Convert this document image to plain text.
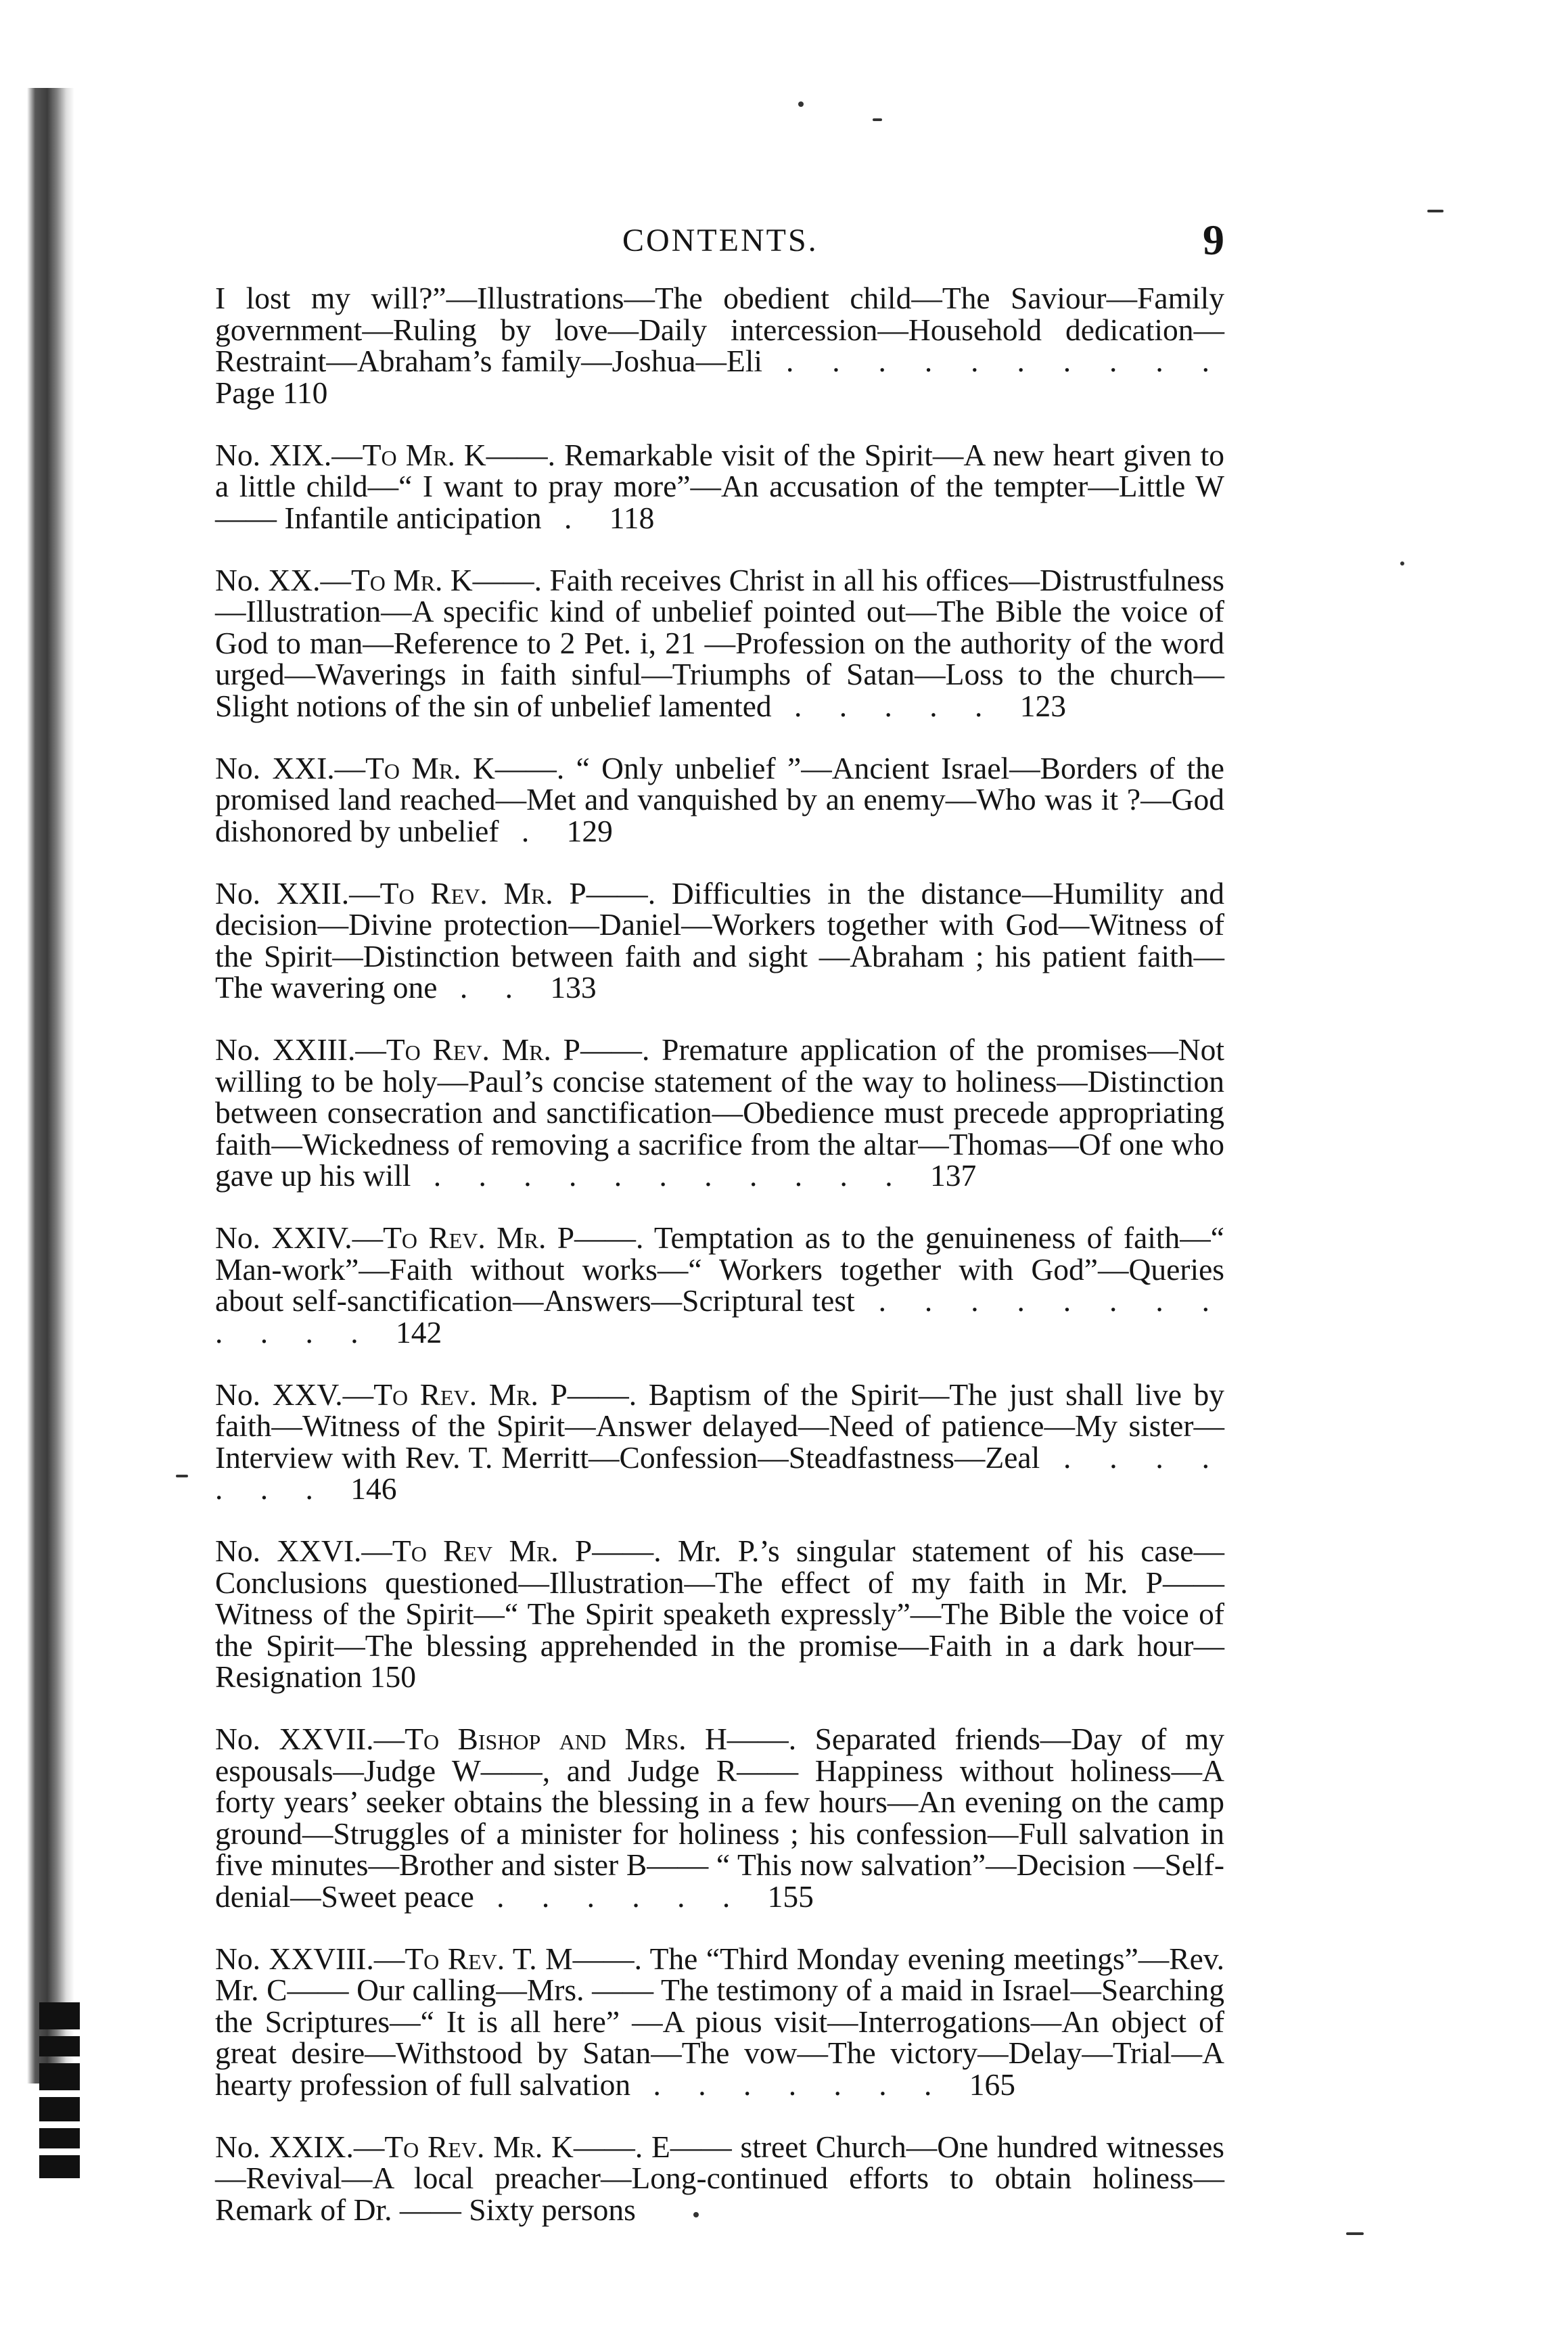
CONTENTS.	9

I lost my will?”—Illustrations—The obedient child—The Saviour—Family government—Ruling by love—Daily intercession—Household dedication—Restraint—Abraham’s family—Joshua—Eli . . . . . . . . . . Page 110

No. XIX.—To Mr. K——. Remarkable visit of the Spirit—A new heart given to a little child—“ I want to pray more”—An accusation of the tempter—Little W—— Infantile anticipation . 118

No. XX.—To Mr. K——. Faith receives Christ in all his offices—Distrustfulness—Illustration—A specific kind of unbelief pointed out—The Bible the voice of God to man—Reference to 2 Pet. i, 21 —Profession on the authority of the word urged—Waverings in faith sinful—Triumphs of Satan—Loss to the church—Slight notions of the sin of unbelief lamented . . . . . 123

No. XXI.—To Mr. K——. “ Only unbelief ”—Ancient Israel—Borders of the promised land reached—Met and vanquished by an enemy—Who was it ?—God dishonored by unbelief . 129

No. XXII.—To Rev. Mr. P——. Difficulties in the distance—Humility and decision—Divine protection—Daniel—Workers together with God—Witness of the Spirit—Distinction between faith and sight —Abraham ; his patient faith—The wavering one . . 133

No. XXIII.—To Rev. Mr. P——. Premature application of the promises—Not willing to be holy—Paul’s concise statement of the way to holiness—Distinction between consecration and sanctification—Obedience must precede appropriating faith—Wickedness of removing a sacrifice from the altar—Thomas—Of one who gave up his will . . . . . . . . . . . 137

No. XXIV.—To Rev. Mr. P——. Temptation as to the genuineness of faith—“ Man-work”—Faith without works—“ Workers together with God”—Queries about self-sanctification—Answers—Scriptural test . . . . . . . . . . . . 142

No. XXV.—To Rev. Mr. P——. Baptism of the Spirit—The just shall live by faith—Witness of the Spirit—Answer delayed—Need of patience—My sister—Interview with Rev. T. Merritt—Confession—Steadfastness—Zeal . . . . . . . 146

No. XXVI.—To Rev Mr. P——. Mr. P.’s singular statement of his case—Conclusions questioned—Illustration—The effect of my faith in Mr. P—— Witness of the Spirit—“ The Spirit speaketh expressly”—The Bible the voice of the Spirit—The blessing apprehended in the promise—Faith in a dark hour—Resignation 150

No. XXVII.—To Bishop and Mrs. H——. Separated friends—Day of my espousals—Judge W——, and Judge R—— Happiness without holiness—A forty years’ seeker obtains the blessing in a few hours—An evening on the camp ground—Struggles of a minister for holiness ; his confession—Full salvation in five minutes—Brother and sister B—— “ This now salvation”—Decision —Self-denial—Sweet peace . . . . . . 155

No. XXVIII.—To Rev. T. M——. The “Third Monday evening meetings”—Rev. Mr. C—— Our calling—Mrs. —— The testimony of a maid in Israel—Searching the Scriptures—“ It is all here” —A pious visit—Interrogations—An object of great desire—Withstood by Satan—The vow—The victory—Delay—Trial—A hearty profession of full salvation . . . . . . . 165

No. XXIX.—To Rev. Mr. K——. E—— street Church—One hundred witnesses—Revival—A local preacher—Long-continued efforts to obtain holiness—Remark of Dr. —— Sixty persons
